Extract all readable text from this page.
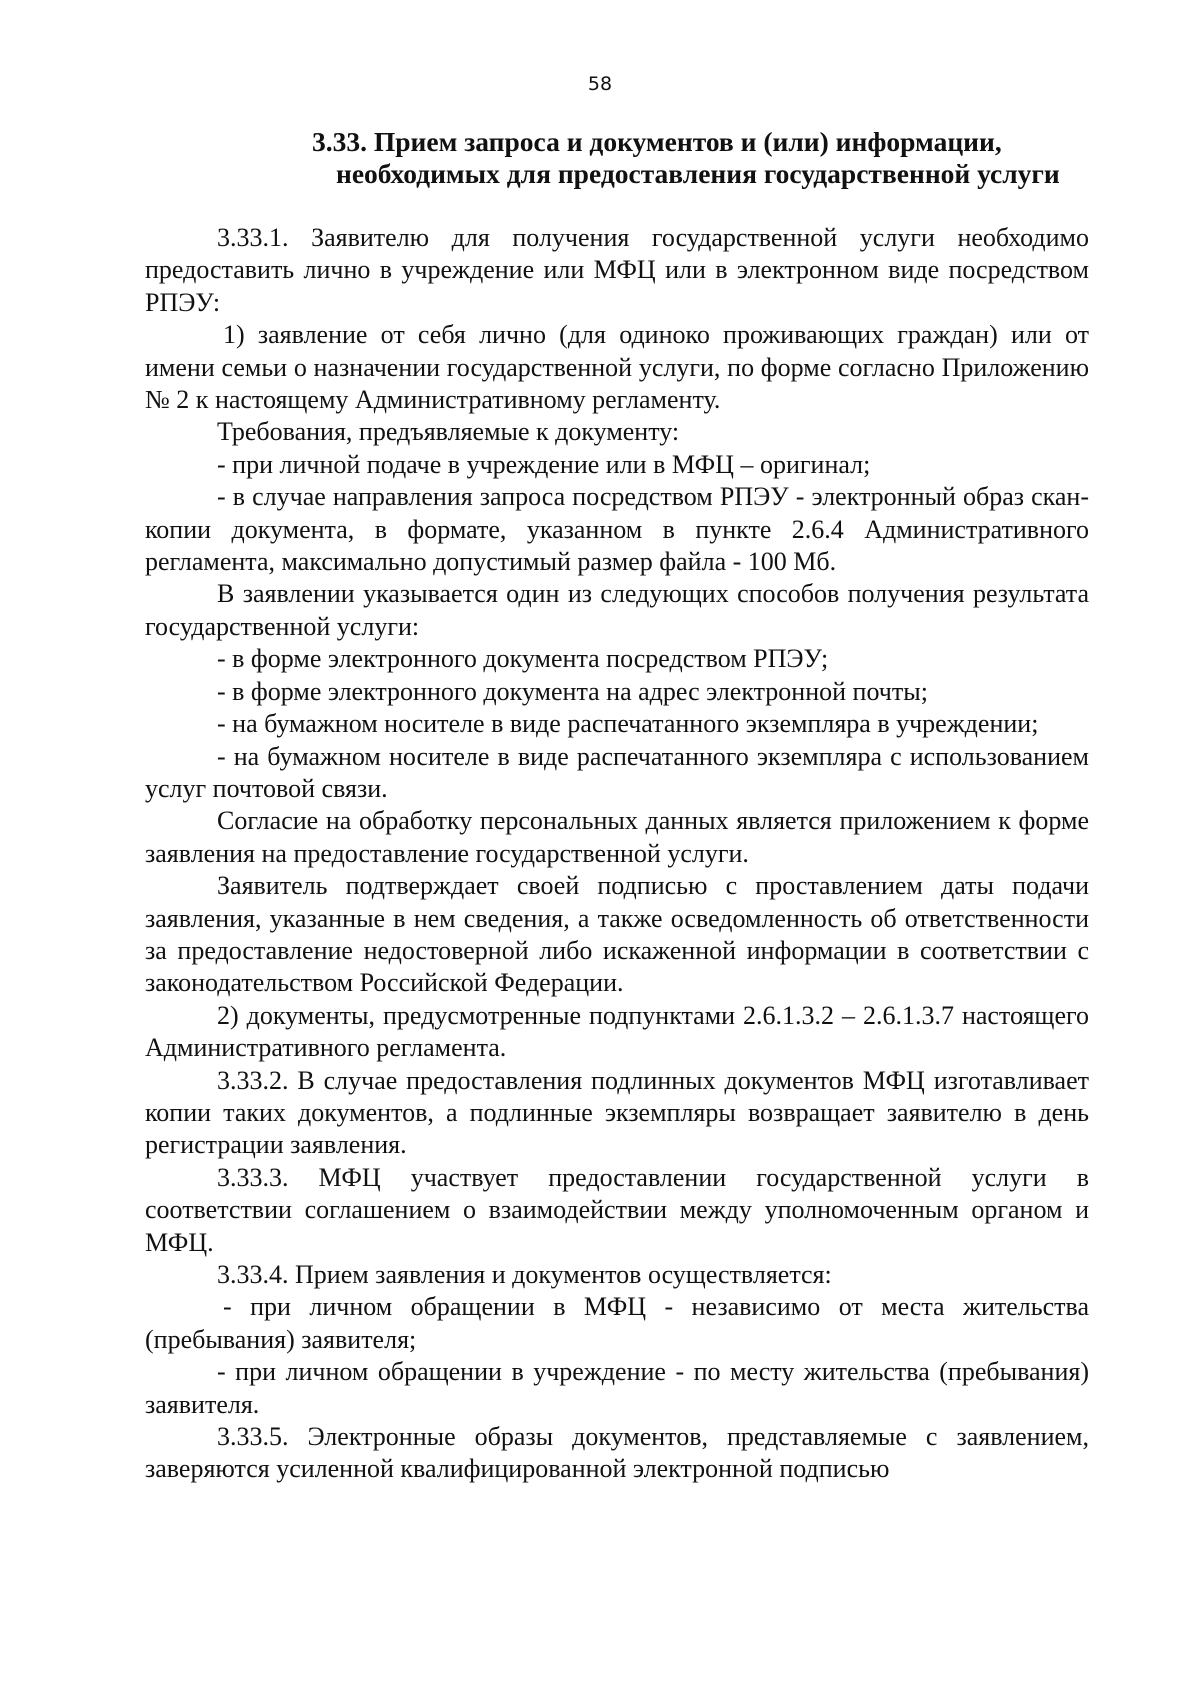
58
3.33. Прием запроса и документов и (или) информации,
необходимых для предоставления государственной услуги

3.33.1. Заявителю для получения государственной услуги необходимо предоставить лично в учреждение или МФЦ или в электронном виде посредством РПЭУ:

1) заявление от себя лично (для одиноко проживающих граждан) или от имени семьи о назначении государственной услуги, по форме согласно Приложению № 2 к настоящему Административному регламенту.

Требования, предъявляемые к документу:

- при личной подаче в учреждение или в МФЦ – оригинал;

- в случае направления запроса посредством РПЭУ - электронный образ скан-копии документа, в формате, указанном в пункте 2.6.4 Административного регламента, максимально допустимый размер файла - 100 Мб.

В заявлении указывается один из следующих способов получения результата государственной услуги:

- в форме электронного документа посредством РПЭУ;

- в форме электронного документа на адрес электронной почты;

- на бумажном носителе в виде распечатанного экземпляра в учреждении;

- на бумажном носителе в виде распечатанного экземпляра с использованием услуг почтовой связи.

Согласие на обработку персональных данных является приложением к форме заявления на предоставление государственной услуги.

Заявитель подтверждает своей подписью с проставлением даты подачи заявления, указанные в нем сведения, а также осведомленность об ответственности за предоставление недостоверной либо искаженной информации в соответствии с законодательством Российской Федерации.

2) документы, предусмотренные подпунктами 2.6.1.3.2 – 2.6.1.3.7 настоящего Административного регламента.

3.33.2. В случае предоставления подлинных документов МФЦ изготавливает копии таких документов, а подлинные экземпляры возвращает заявителю в день регистрации заявления.

3.33.3. МФЦ участвует предоставлении государственной услуги в соответствии соглашением о взаимодействии между уполномоченным органом и МФЦ.

3.33.4. Прием заявления и документов осуществляется:

- при личном обращении в МФЦ - независимо от места жительства (пребывания) заявителя;

- при личном обращении в учреждение - по месту жительства (пребывания) заявителя.

3.33.5. Электронные образы документов, представляемые с заявлением, заверяются усиленной квалифицированной электронной подписью
